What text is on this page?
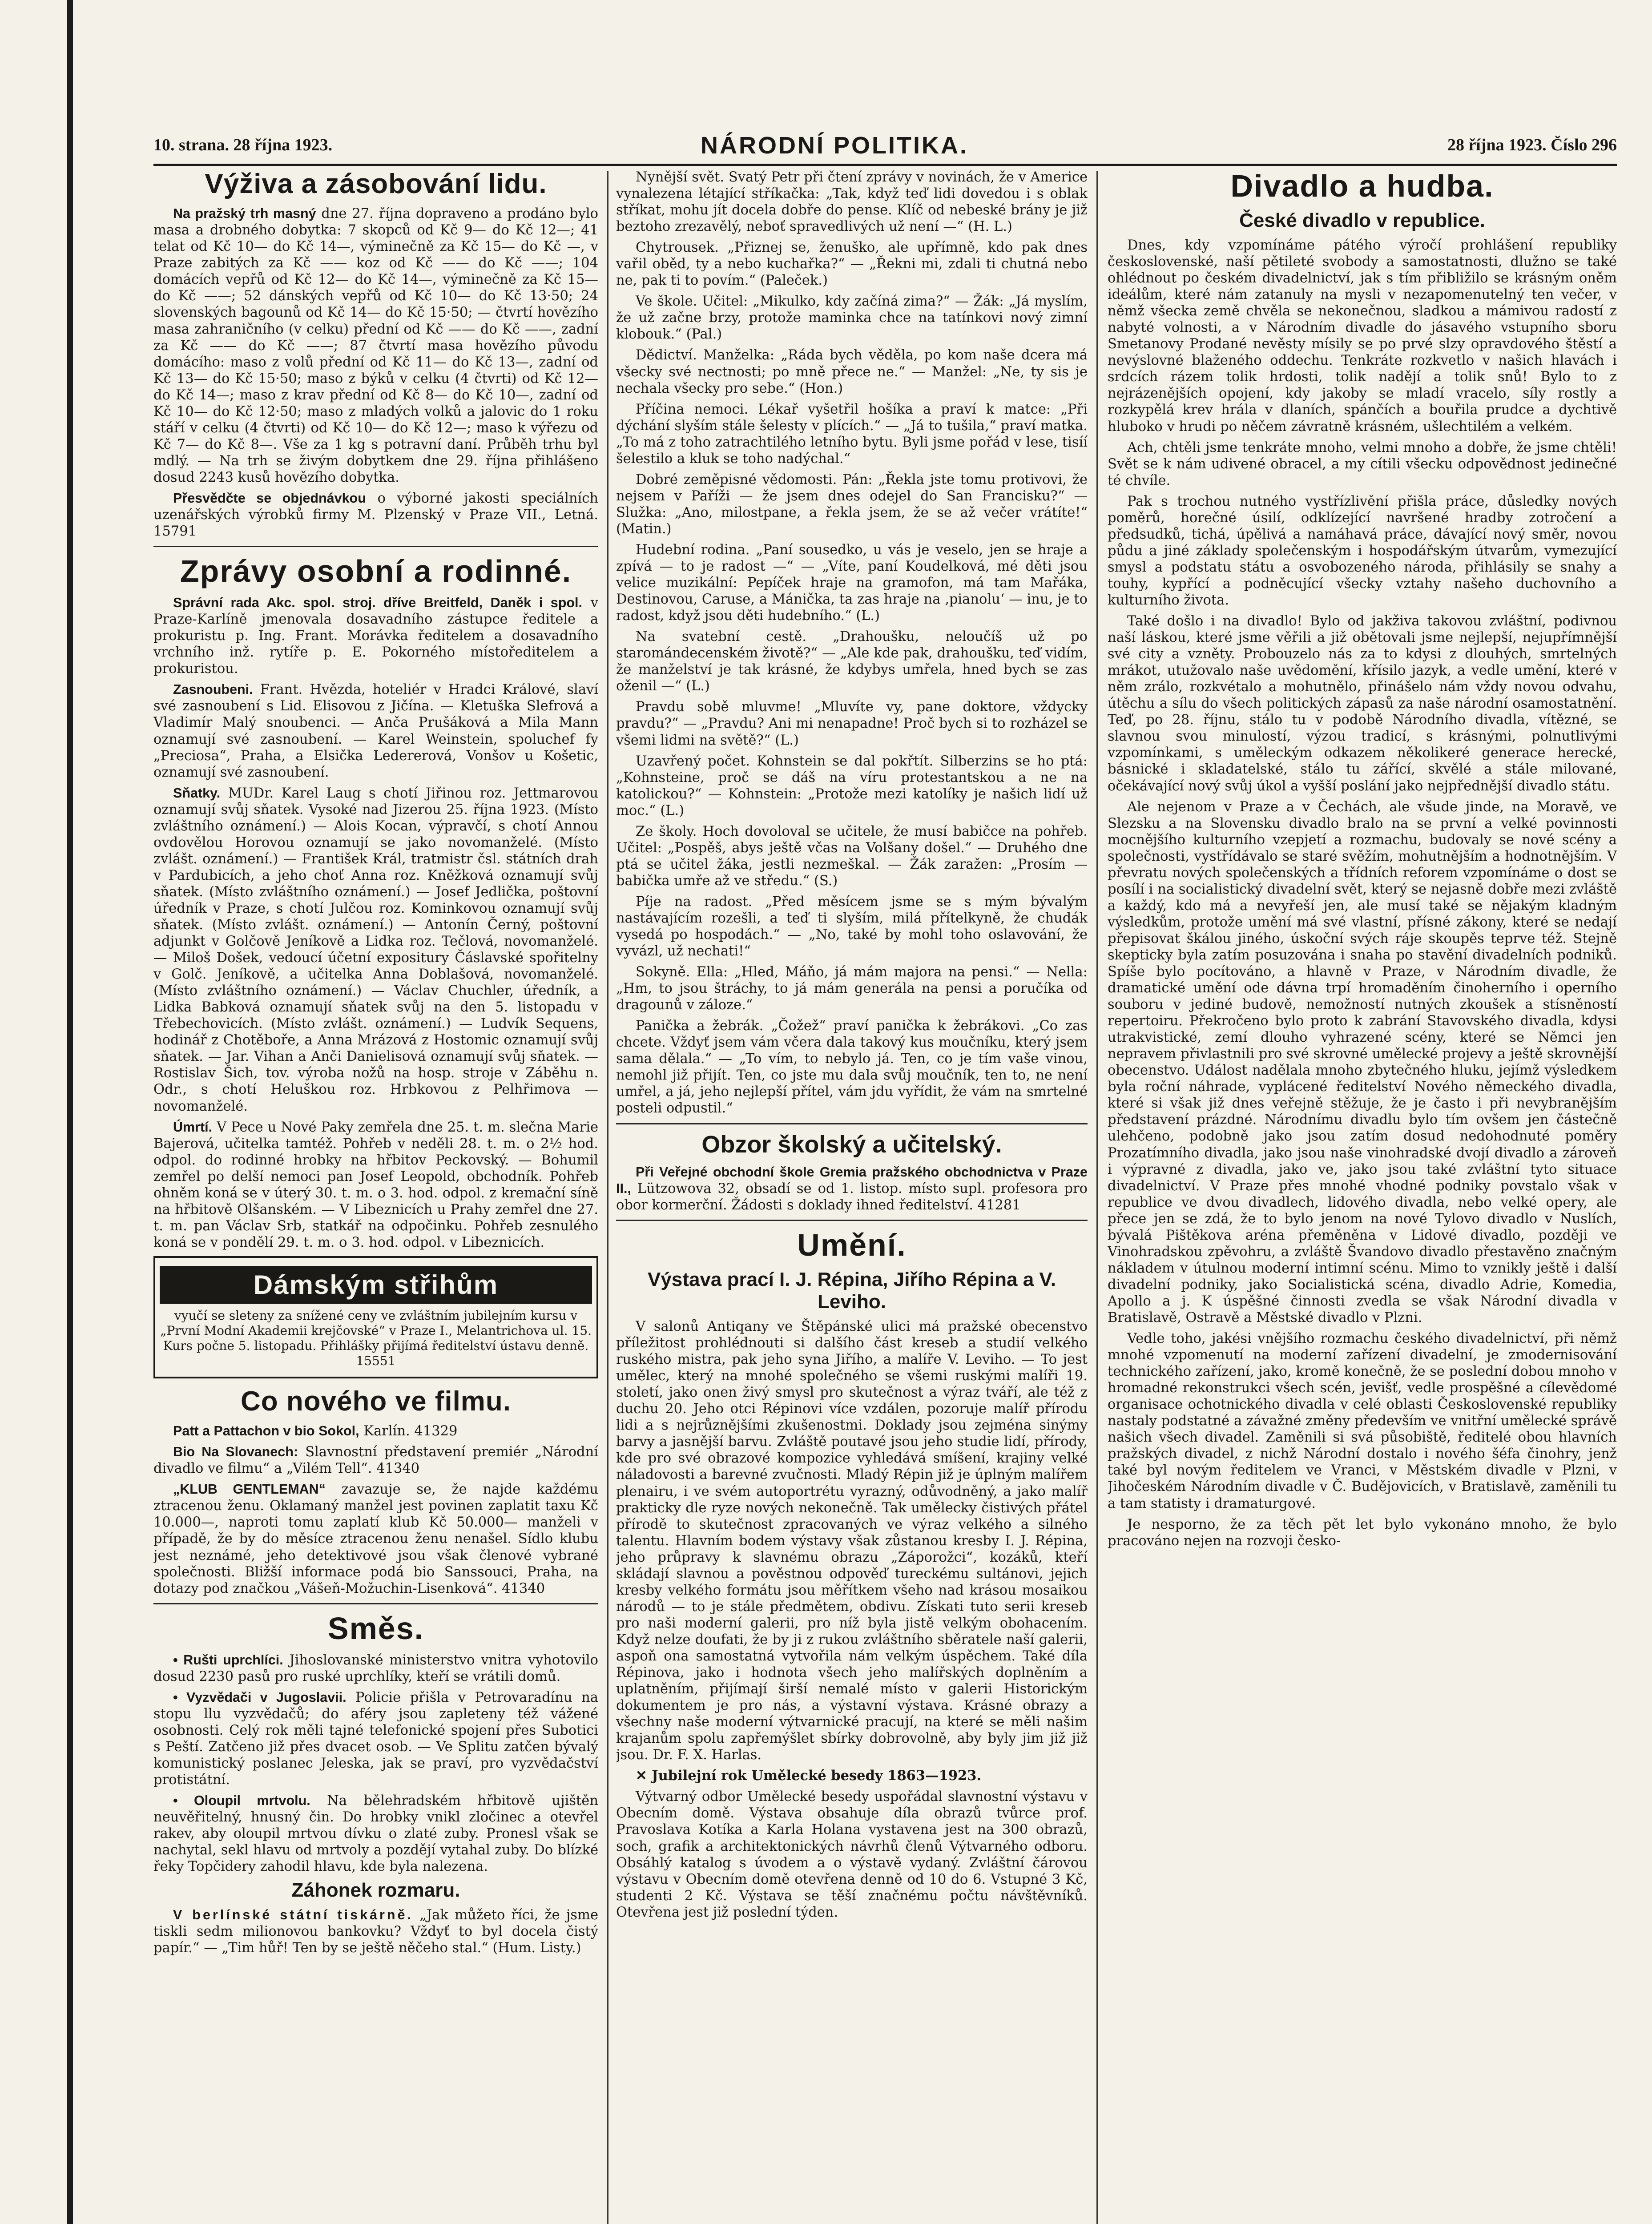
10. strana. 28 října 1923.	NÁRODNÍ POLITIKA.	28 října 1923. Číslo 296
Výživa a zásobování lidu.

Na pražský trh masný dne 27. října dopraveno a prodáno bylo masa a drobného dobytka: 7 skopců od Kč 9— do Kč 12—; 41 telat od Kč 10— do Kč 14—, výminečně za Kč 15— do Kč —, v Praze zabitých za Kč —— koz od Kč —— do Kč ——; 104 domácích vepřů od Kč 12— do Kč 14—, výminečně za Kč 15— do Kč ——; 52 dánských vepřů od Kč 10— do Kč 13·50; 24 slovenských bagounů od Kč 14— do Kč 15·50; — čtvrtí hovězího masa zahraničního (v celku) přední od Kč —— do Kč ——, zadní za Kč —— do Kč ——; 87 čtvrtí masa hovězího původu domácího: maso z volů přední od Kč 11— do Kč 13—, zadní od Kč 13— do Kč 15·50; maso z býků v celku (4 čtvrti) od Kč 12— do Kč 14—; maso z krav přední od Kč 8— do Kč 10—, zadní od Kč 10— do Kč 12·50; maso z mladých volků a jalovic do 1 roku stáří v celku (4 čtvrti) od Kč 10— do Kč 12—; maso k výřezu od Kč 7— do Kč 8—. Vše za 1 kg s potravní daní. Průběh trhu byl mdlý. — Na trh se živým dobytkem dne 29. října přihlášeno dosud 2243 kusů hovězího dobytka.

Přesvědčte se objednávkou o výborné jakosti speciálních uzenářských výrobků firmy M. Plzenský v Praze VII., Letná. 15791

Zprávy osobní a rodinné.

Správní rada Akc. spol. stroj. dříve Breitfeld, Daněk i spol. v Praze-Karlíně jmenovala dosavadního zástupce ředitele a prokuristu p. Ing. Frant. Morávka ředitelem a dosavadního vrchního inž. rytíře p. E. Pokorného místoředitelem a prokuristou.

Zasnoubeni. Frant. Hvězda, hoteliér v Hradci Králové, slaví své zasnoubení s Lid. Elisovou z Jičína. — Kletuška Slefrová a Vladimír Malý snoubenci. — Anča Prušáková a Mila Mann oznamují své zasnoubení. — Karel Weinstein, spoluchef fy „Preciosa“, Praha, a Elsička Ledererová, Vonšov u Košetic, oznamují své zasnoubení.

Sňatky. MUDr. Karel Laug s chotí Jiřinou roz. Jettmarovou oznamují svůj sňatek. Vysoké nad Jizerou 25. října 1923. (Místo zvláštního oznámení.) — Alois Kocan, výpravčí, s chotí Annou ovdovělou Horovou oznamují se jako novomanželé. (Místo zvlášt. oznámení.) — František Král, tratmistr čsl. státních drah v Pardubicích, a jeho choť Anna roz. Kněžková oznamují svůj sňatek. (Místo zvláštního oznámení.) — Josef Jedlička, poštovní úředník v Praze, s chotí Julčou roz. Kominkovou oznamují svůj sňatek. (Místo zvlášt. oznámení.) — Antonín Černý, poštovní adjunkt v Golčově Jeníkově a Lidka roz. Tečlová, novomanželé. — Miloš Došek, vedoucí účetní expositury Čáslavské spořitelny v Golč. Jeníkově, a učitelka Anna Doblašová, novomanželé. (Místo zvláštního oznámení.) — Václav Chuchler, úředník, a Lidka Babková oznamují sňatek svůj na den 5. listopadu v Třebechovicích. (Místo zvlášt. oznámení.) — Ludvík Sequens, hodinář z Chotěboře, a Anna Mrázová z Hostomic oznamují svůj sňatek. — Jar. Vihan a Anči Danielisová oznamují svůj sňatek. — Rostislav Šich, tov. výroba nožů na hosp. stroje v Záběhu n. Odr., s chotí Heluškou roz. Hrbkovou z Pelhřimova — novomanželé.

Úmrtí. V Pece u Nové Paky zemřela dne 25. t. m. slečna Marie Bajerová, učitelka tamtéž. Pohřeb v neděli 28. t. m. o 2½ hod. odpol. do rodinné hrobky na hřbitov Peckovský. — Bohumil zemřel po delší nemoci pan Josef Leopold, obchodník. Pohřeb ohněm koná se v úterý 30. t. m. o 3. hod. odpol. z kremační síně na hřbitově Olšanském. — V Libeznicích u Prahy zemřel dne 27. t. m. pan Václav Srb, statkář na odpočinku. Pohřeb zesnulého koná se v pondělí 29. t. m. o 3. hod. odpol. v Libeznicích.

Dámským střihům

vyučí se sleteny za snížené ceny ve zvláštním jubilejním kursu v „První Modní Akademii krejčovské“ v Praze I., Melantrichova ul. 15. Kurs počne 5. listopadu. Přihlášky přijímá ředitelství ústavu denně. 15551

Co nového ve filmu.

Patt a Pattachon v bio Sokol, Karlín. 41329

Bio Na Slovanech: Slavnostní představení premiér „Národní divadlo ve filmu“ a „Vilém Tell“. 41340

„KLUB GENTLEMAN“ zavazuje se, že najde každému ztracenou ženu. Oklamaný manžel jest povinen zaplatit taxu Kč 10.000—, naproti tomu zaplatí klub Kč 50.000— manželi v případě, že by do měsíce ztracenou ženu nenašel. Sídlo klubu jest neznámé, jeho detektivové jsou však členové vybrané společnosti. Bližší informace podá bio Sanssouci, Praha, na dotazy pod značkou „Vášeň-Možuchin-Lisenková“. 41340

Směs.

• Rušti uprchlíci. Jihoslovanské ministerstvo vnitra vyhotovilo dosud 2230 pasů pro ruské uprchlíky, kteří se vrátili domů.

• Vyzvědači v Jugoslavii. Policie přišla v Petrovaradínu na stopu llu vyzvědačů; do aféry jsou zapleteny též vážené osobnosti. Celý rok měli tajné telefonické spojení přes Subotici s Peští. Zatčeno již přes dvacet osob. — Ve Splitu zatčen bývalý komunistický poslanec Jeleska, jak se praví, pro vyzvědačství protistátní.

• Oloupil mrtvolu. Na bělehradském hřbitově ujištěn neuvěřitelný, hnusný čin. Do hrobky vnikl zločinec a otevřel rakev, aby oloupil mrtvou dívku o zlaté zuby. Pronesl však se nachytal, sekl hlavu od mrtvoly a pozdějí vytahal zuby. Do blízké řeky Topčidery zahodil hlavu, kde byla nalezena.

Záhonek rozmaru.

V berlínské státní tiskárně. „Jak můžeto říci, že jsme tiskli sedm milionovou bankovku? Vždyť to byl docela čistý papír.“ — „Tim hůř! Ten by se ještě něčeho stal.“ (Hum. Listy.)

Nynější svět. Svatý Petr při čtení zprávy v novinách, že v Americe vynalezena létající stříkačka: „Tak, když teď lidi dovedou i s oblak stříkat, mohu jít docela dobře do pense. Klíč od nebeské brány je již beztoho zrezavělý, neboť spravedlivých už není —“ (H. L.)

Chytrousek. „Přiznej se, ženuško, ale upřímně, kdo pak dnes vařil oběd, ty a nebo kuchařka?“ — „Řekni mi, zdali ti chutná nebo ne, pak ti to povím.“ (Paleček.)

Ve škole. Učitel: „Mikulko, kdy začíná zima?“ — Žák: „Já myslím, že už začne brzy, protože maminka chce na tatínkovi nový zimní klobouk.“ (Pal.)

Dědictví. Manželka: „Ráda bych věděla, po kom naše dcera má všecky své nectnosti; po mně přece ne.“ — Manžel: „Ne, ty sis je nechala všecky pro sebe.“ (Hon.)

Příčina nemoci. Lékař vyšetřil hošíka a praví k matce: „Při dýchání slyším stále šelesty v plících.“ — „Já to tušila,“ praví matka. „To má z toho zatrachtilého letního bytu. Byli jsme pořád v lese, tisíí šelestilo a kluk se toho nadýchal.“

Dobré zeměpisné vědomosti. Pán: „Řekla jste tomu protivovi, že nejsem v Paříži — že jsem dnes odejel do San Francisku?“ — Služka: „Ano, milostpane, a řekla jsem, že se až večer vrátíte!“ (Matin.)

Hudební rodina. „Paní sousedko, u vás je veselo, jen se hraje a zpívá — to je radost —“ — „Víte, paní Koudelková, mé děti jsou velice muzikální: Pepíček hraje na gramofon, má tam Mařáka, Destinovou, Caruse, a Mánička, ta zas hraje na ‚pianolu‘ — inu, je to radost, když jsou děti hudebního.“ (L.)

Na svatební cestě. „Drahoušku, neloučíš už po staromándecenském životě?“ — „Ale kde pak, drahoušku, teď vidím, že manželství je tak krásné, že kdybys umřela, hned bych se zas oženil —“ (L.)

Pravdu sobě mluvme! „Mluvíte vy, pane doktore, vždycky pravdu?“ — „Pravdu? Ani mi nenapadne! Proč bych si to rozházel se všemi lidmi na světě?“ (L.)

Uzavřený počet. Kohnstein se dal pokřtít. Silberzins se ho ptá: „Kohnsteine, proč se dáš na víru protestantskou a ne na katolickou?“ — Kohnstein: „Protože mezi katolíky je našich lidí už moc.“ (L.)

Ze školy. Hoch dovoloval se učitele, že musí babičce na pohřeb. Učitel: „Pospěš, abys ještě včas na Volšany došel.“ — Druhého dne ptá se učitel žáka, jestli nezmeškal. — Žák zaražen: „Prosím — babička umře až ve středu.“ (S.)

Píje na radost. „Před měsícem jsme se s mým bývalým nastávajícím rozešli, a teď ti slyším, milá přítelkyně, že chudák vysedá po hospodách.“ — „No, také by mohl toho oslavování, že vyvázl, už nechati!“

Sokyně. Ella: „Hled, Máňo, já mám majora na pensi.“ — Nella: „Hm, to jsou štráchy, to já mám generála na pensi a poručíka od dragounů v záloze.“

Panička a žebrák. „Čožež“ praví panička k žebrákovi. „Co zas chcete. Vždyť jsem vám včera dala takový kus moučníku, který jsem sama dělala.“ — „To vím, to nebylo já. Ten, co je tím vaše vinou, nemohl již přijít. Ten, co jste mu dala svůj moučník, ten to, ne není umřel, a já, jeho nejlepší přítel, vám jdu vyřídit, že vám na smrtelné posteli odpustil.“

Obzor školský a učitelský.

Při Veřejné obchodní škole Gremia pražského obchodnictva v Praze II., Lützowova 32, obsadí se od 1. listop. místo supl. profesora pro obor kormerční. Žádosti s doklady ihned ředitelství. 41281

Umění.
Výstava prací I. J. Répina, Jiřího Répina a V. Leviho.

V salonů Antiqany ve Štěpánské ulici má pražské obecenstvo příležitost prohlédnouti si dalšího část kreseb a studií velkého ruského mistra, pak jeho syna Jiřího, a malíře V. Leviho. — To jest umělec, který na mnohé společného se všemi ruskými malíři 19. století, jako onen živý smysl pro skutečnost a výraz tváří, ale též z duchu 20. Jeho otci Répinovi více vzdálen, pozoruje malíř přírodu lidi a s nejrůznějšími zkušenostmi. Doklady jsou zejména sinýmy barvy a jasnější barvu. Zvláště poutavé jsou jeho studie lidí, přírody, kde pro své obrazové kompozice vyhledává smíšení, krajiny velké náladovosti a barevné zvučnosti. Mladý Répin již je úplným malířem plenairu, i ve svém autoportrétu vyrazný, odůvodněný, a jako malíř prakticky dle ryze nových nekonečně. Tak umělecky čistivých přátel přírodě to skutečnost zpracovaných ve výraz velkého a silného talentu. Hlavním bodem výstavy však zůstanou kresby I. J. Répina, jeho průpravy k slavnému obrazu „Záporožci“, kozáků, kteří skládají slavnou a pověstnou odpověď tureckému sultánovi, jejich kresby velkého formátu jsou měřítkem všeho nad krásou mosaikou národů — to je stále předmětem, obdivu. Získati tuto serii kreseb pro naši moderní galerii, pro níž byla jistě velkým obohacením. Když nelze doufati, že by ji z rukou zvláštního sběratele naší galerii, aspoň ona samostatná vytvořila nám velkým úspěchem. Také díla Répinova, jako i hodnota všech jeho malířských doplněním a uplatněním, přijímají širší nemalé místo v galerii Historickým dokumentem je pro nás, a výstavní výstava. Krásné obrazy a všechny naše moderní výtvarnické pracují, na které se měli našim krajanům spolu zapřemýšlet sbírky dobrovolně, aby byly jim již již jsou. Dr. F. X. Harlas.

✕ Jubilejní rok Umělecké besedy 1863—1923.

Výtvarný odbor Umělecké besedy uspořádal slavnostní výstavu v Obecním domě. Výstava obsahuje díla obrazů tvůrce prof. Pravoslava Kotíka a Karla Holana vystavena jest na 300 obrazů, soch, grafik a architektonických návrhů členů Výtvarného odboru. Obsáhlý katalog s úvodem a o výstavě vydaný. Zvláštní čárovou výstavu v Obecním domě otevřena denně od 10 do 6. Vstupné 3 Kč, studenti 2 Kč. Výstava se těší značnému počtu návštěvníků. Otevřena jest již poslední týden.

Divadlo a hudba.
České divadlo v republice.

Dnes, kdy vzpomínáme pátého výročí prohlášení republiky československé, naší pětileté svobody a samostatnosti, dlužno se také ohlédnout po českém divadelnictví, jak s tím přibližilo se krásným oněm ideálům, které nám zatanuly na mysli v nezapomenutelný ten večer, v němž všecka země chvěla se nekonečnou, sladkou a mámivou radostí z nabyté volnosti, a v Národním divadle do jásavého vstupního sboru Smetanovy Prodané nevěsty mísily se po prvé slzy opravdového štěstí a nevýslovné blaženého oddechu. Tenkráte rozkvetlo v našich hlavách i srdcích rázem tolik hrdosti, tolik nadějí a tolik snů! Bylo to z nejrázenějších opojení, kdy jakoby se mladí vracelo, síly rostly a rozkypělá krev hrála v dlaních, spánčích a bouřila prudce a dychtivě hluboko v hrudi po něčem závratně krásném, ušlechtilém a velkém.

Ach, chtěli jsme tenkráte mnoho, velmi mnoho a dobře, že jsme chtěli! Svět se k nám udivené obracel, a my cítili všecku odpovědnost jedinečné té chvíle.

Pak s trochou nutného vystřízlivění přišla práce, důsledky nových poměrů, horečné úsilí, odklízející navršené hradby zotročení a předsudků, tichá, úpělivá a namáhavá práce, dávající nový směr, novou půdu a jiné základy společenským i hospodářským útvarům, vymezující smysl a podstatu státu a osvobozeného národa, přihlásily se snahy a touhy, kypřící a podněcující všecky vztahy našeho duchovního a kulturního života.

Také došlo i na divadlo! Bylo od jakživa takovou zvláštní, podivnou naší láskou, které jsme věřili a již obětovali jsme nejlepší, nejupřímnější své city a vzněty. Probouzelo nás za to kdysi z dlouhých, smrtelných mrákot, utužovalo naše uvědomění, křísilo jazyk, a vedle umění, které v něm zrálo, rozkvétalo a mohutnělo, přinášelo nám vždy novou odvahu, útěchu a sílu do všech politických zápasů za naše národní osamostatnění. Teď, po 28. říjnu, stálo tu v podobě Národního divadla, vítězné, se slavnou svou minulostí, výzou tradicí, s krásnými, polnutlivými vzpomínkami, s uměleckým odkazem několikeré generace herecké, básnické i skladatelské, stálo tu zářící, skvělé a stále milované, očekávající nový svůj úkol a vyšší poslání jako nejpřednější divadlo státu.

Ale nejenom v Praze a v Čechách, ale všude jinde, na Moravě, ve Slezsku a na Slovensku divadlo bralo na se první a velké povinnosti mocnějšího kulturního vzepjetí a rozmachu, budovaly se nové scény a společnosti, vystřídávalo se staré svěžím, mohutnějším a hodnotnějším. V převratu nových společenských a třídních reforem vzpomínáme o dost se posílí i na socialistický divadelní svět, který se nejasně dobře mezi zvláště a každý, kdo má a nevyřeší jen, ale musí také se nějakým kladným výsledkům, protože umění má své vlastní, přísné zákony, které se nedají přepisovat škálou jiného, úskoční svých ráje skoupěs teprve též. Stejně skepticky byla zatím posuzována i snaha po stavění divadelních podniků. Spíše bylo pocítováno, a hlavně v Praze, v Národním divadle, že dramatické umění ode dávna trpí hromaděním činoherního i operního souboru v jediné budově, nemožností nutných zkoušek a stísněností repertoiru. Překročeno bylo proto k zabrání Stavovského divadla, kdysi utrakvistické, zemí dlouho vyhrazené scény, které se Němci jen nepravem přivlastnili pro své skrovné umělecké projevy a ještě skrovnější obecenstvo. Událost nadělala mnoho zbytečného hluku, jejímž výsledkem byla roční náhrade, vyplácené ředitelství Nového německého divadla, které si však již dnes veřejně stěžuje, že je často i při nevybranějším představení prázdné. Národnímu divadlu bylo tím ovšem jen částečně ulehčeno, podobně jako jsou zatím dosud nedohodnuté poměry Prozatímního divadla, jako jsou naše vinohradské dvojí divadlo a zároveň i výpravné z divadla, jako ve, jako jsou také zvláštní tyto situace divadelnictví. V Praze přes mnohé vhodné podniky povstalo však v republice ve dvou divadlech, lidového divadla, nebo velké opery, ale přece jen se zdá, že to bylo jenom na nové Tylovo divadlo v Nuslích, bývalá Pištěkova aréna přeměněna v Lidové divadlo, později ve Vinohradskou zpěvohru, a zvláště Švandovo divadlo přestavěno značným nákladem v útulnou moderní intimní scénu. Mimo to vznikly ještě i další divadelní podniky, jako Socialistická scéna, divadlo Adrie, Komedia, Apollo a j. K úspěšné činnosti zvedla se však Národní divadla v Bratislavě, Ostravě a Městské divadlo v Plzni.

Vedle toho, jakési vnějšího rozmachu českého divadelnictví, při němž mnohé vzpomenutí na moderní zařízení divadelní, je zmodernisování technického zařízení, jako, kromě konečně, že se poslední dobou mnoho v hromadné rekonstrukci všech scén, jevišť, vedle prospěšné a cílevědomé organisace ochotnického divadla v celé oblasti Československé republiky nastaly podstatné a závažné změny především ve vnitřní umělecké správě našich všech divadel. Zaměnili si svá působiště, ředitelé obou hlavních pražských divadel, z nichž Národní dostalo i nového šéfa činohry, jenž také byl novým ředitelem ve Vranci, v Městském divadle v Plzni, v Jihočeském Národním divadle v Č. Budějovicích, v Bratislavě, zaměnili tu a tam statisty i dramaturgové.

Je nesporno, že za těch pět let bylo vykonáno mnoho, že bylo pracováno nejen na rozvoji česko-
